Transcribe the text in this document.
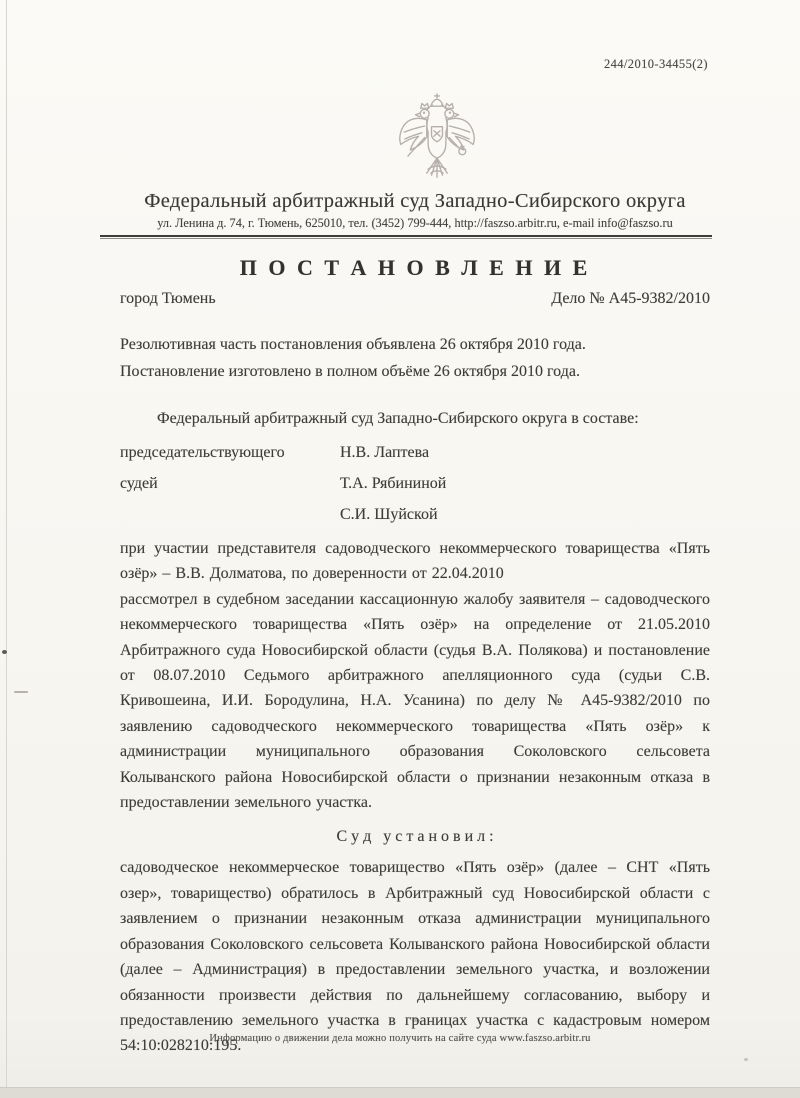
244/2010-34455(2)
Федеральный арбитражный суд Западно-Сибирского округа
ул. Ленина д. 74, г. Тюмень, 625010, тел. (3452) 799-444, http://faszso.arbitr.ru, e-mail info@faszso.ru
П О С Т А Н О В Л Е Н И Е
город Тюмень	Дело № А45-9382/2010
Резолютивная часть постановления объявлена 26 октября 2010 года.
Постановление изготовлено в полном объёме 26 октября 2010 года.
Федеральный арбитражный суд Западно-Сибирского округа в составе:
председательствующего	Н.В. Лаптева
судей	Т.А. Рябининой
С.И. Шуйской

при участии представителя садоводческого некоммерческого товарищества «Пять озёр» – В.В. Долматова, по доверенности от 22.04.2010

рассмотрел в судебном заседании кассационную жалобу заявителя – садоводческого некоммерческого товарищества «Пять озёр» на определение от 21.05.2010 Арбитражного суда Новосибирской области (судья В.А. Полякова) и постановление от 08.07.2010 Седьмого арбитражного апелляционного суда (судьи С.В. Кривошеина, И.И. Бородулина, Н.А. Усанина) по делу № А45-9382/2010 по заявлению садоводческого некоммерческого товарищества «Пять озёр» к администрации муниципального образования Соколовского сельсовета Колыванского района Новосибирской области о признании незаконным отказа в предоставлении земельного участка.

С у д   у с т а н о в и л :

садоводческое некоммерческое товарищество «Пять озёр» (далее – СНТ «Пять озер», товарищество) обратилось в Арбитражный суд Новосибирской области с заявлением о признании незаконным отказа администрации муниципального образования Соколовского сельсовета Колыванского района Новосибирской области (далее – Администрация) в предоставлении земельного участка, и возложении обязанности произвести действия по дальнейшему согласованию, выбору и предоставлению земельного участка в границах участка с кадастровым номером 54:10:028210:195.

Информацию о движении дела можно получить на сайте суда www.faszso.arbitr.ru
